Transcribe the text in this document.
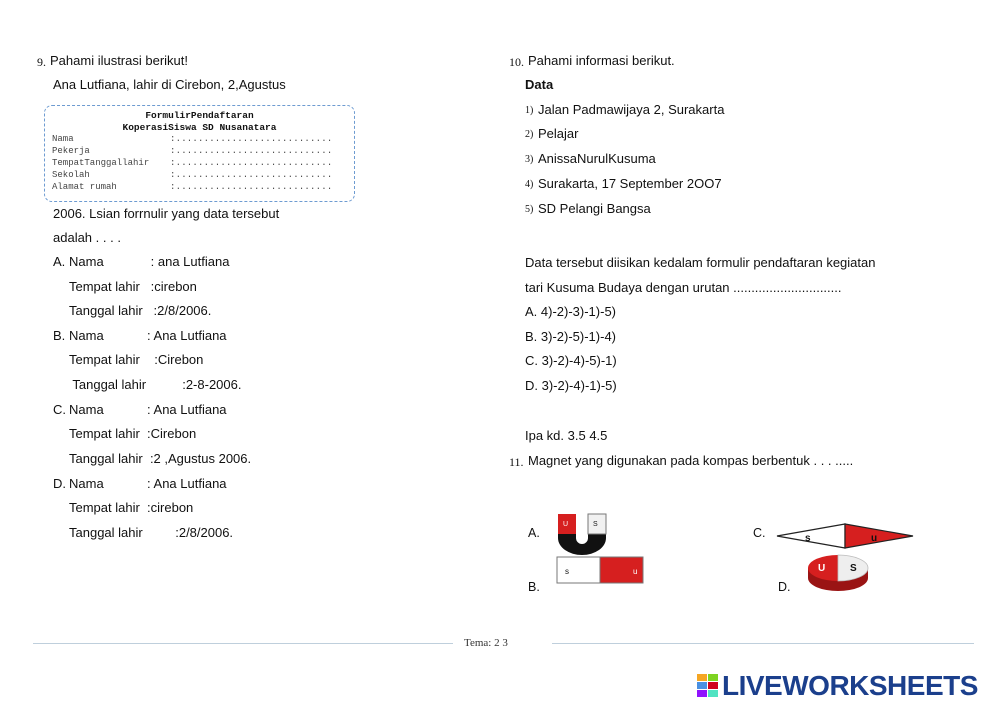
9. Pahami ilustrasi berikut!
Ana Lutfiana, lahir di Cirebon, 2,Agustus
FormulirPendaftaran
KoperasiSiswa SD Nusanatara
Nama	:............................
Pekerja	:............................
TempatTanggallahir :............................
Sekolah	:............................
Alamat rumah	:............................
2006. Lsian forrnulir yang data tersebut
adalah . . . .
A. Nama             : ana Lutfiana
Tempat lahir   :cirebon
Tanggal lahir   :2/8/2006.
B. Nama            : Ana Lutfiana
Tempat lahir    :Cirebon
Tanggal lahir          :2-8-2006.
C. Nama            : Ana Lutfiana
Tempat lahir  :Cirebon
Tanggal lahir  :2 ,Agustus 2006.
D. Nama            : Ana Lutfiana
Tempat lahir  :cirebon
Tanggal lahir         :2/8/2006.
10. Pahami informasi berikut.
Data
1) Jalan Padmawijaya 2, Surakarta
2) Pelajar
3) AnissaNurulKusuma
4) Surakarta, 17 September 2OO7
5) SD Pelangi Bangsa
Data tersebut diisikan kedalam formulir pendaftaran kegiatan
tari Kusuma Budaya dengan urutan ..............................
A. 4)-2)-3)-1)-5)
B. 3)-2)-5)-1)-4)
C. 3)-2)-4)-5)-1)
D. 3)-2)-4)-1)-5)
Ipa kd. 3.5 4.5
11. Magnet yang digunakan pada kompas berbentuk . . . .....
A.
B.
C.
D.
U	S
s	u
s	u
U S
Tema: 2 3
LIVEWORKSHEETS
